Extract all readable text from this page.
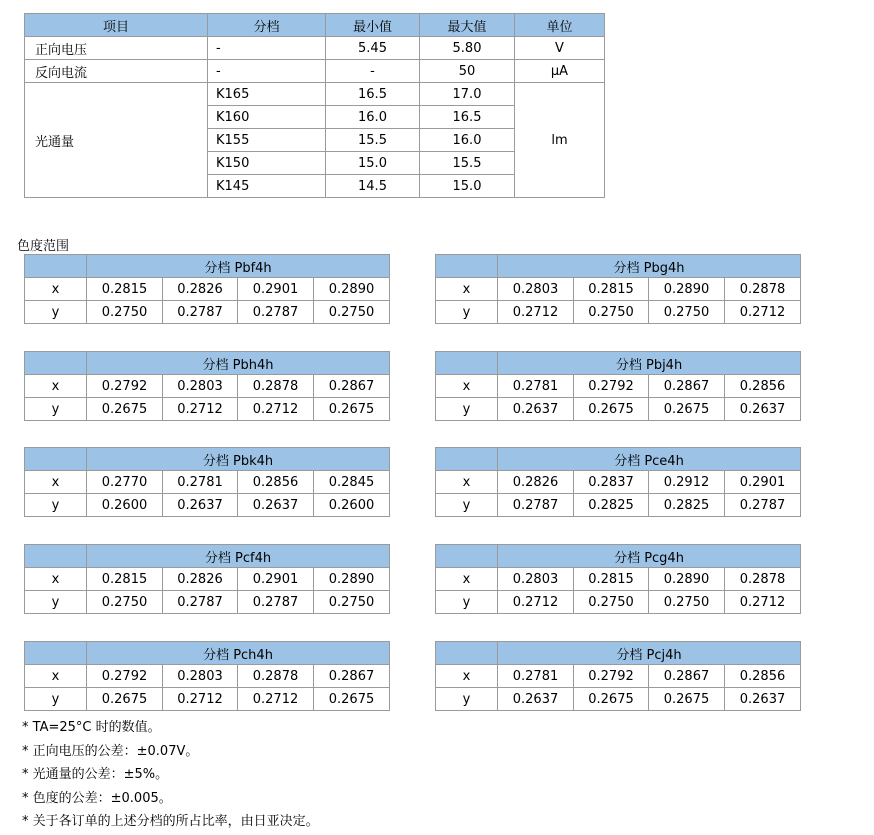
项目	分档	最小值	最大值	单位
正向电压	-	5.45	5.80	V
反向电流	-	-	50	μA
光通量	K165	16.5	17.0	lm
	K160	16.0	16.5	
	K155	15.5	16.0	
	K150	15.0	15.5	
	K145	14.5	15.0	
色度范围
	分档 Pbf4h			
x	0.2815	0.2826	0.2901	0.2890
y	0.2750	0.2787	0.2787	0.2750
	分档 Pbg4h			
x	0.2803	0.2815	0.2890	0.2878
y	0.2712	0.2750	0.2750	0.2712
	分档 Pbh4h			
x	0.2792	0.2803	0.2878	0.2867
y	0.2675	0.2712	0.2712	0.2675
	分档 Pbj4h			
x	0.2781	0.2792	0.2867	0.2856
y	0.2637	0.2675	0.2675	0.2637
	分档 Pbk4h			
x	0.2770	0.2781	0.2856	0.2845
y	0.2600	0.2637	0.2637	0.2600
	分档 Pce4h			
x	0.2826	0.2837	0.2912	0.2901
y	0.2787	0.2825	0.2825	0.2787
	分档 Pcf4h			
x	0.2815	0.2826	0.2901	0.2890
y	0.2750	0.2787	0.2787	0.2750
	分档 Pcg4h			
x	0.2803	0.2815	0.2890	0.2878
y	0.2712	0.2750	0.2750	0.2712
	分档 Pch4h			
x	0.2792	0.2803	0.2878	0.2867
y	0.2675	0.2712	0.2712	0.2675
	分档 Pcj4h			
x	0.2781	0.2792	0.2867	0.2856
y	0.2637	0.2675	0.2675	0.2637
* TA=25°C 时的数值。
* 正向电压的公差：±0.07V。
* 光通量的公差：±5%。
* 色度的公差：±0.005。
* 关于各订单的上述分档的所占比率，由日亚决定。
